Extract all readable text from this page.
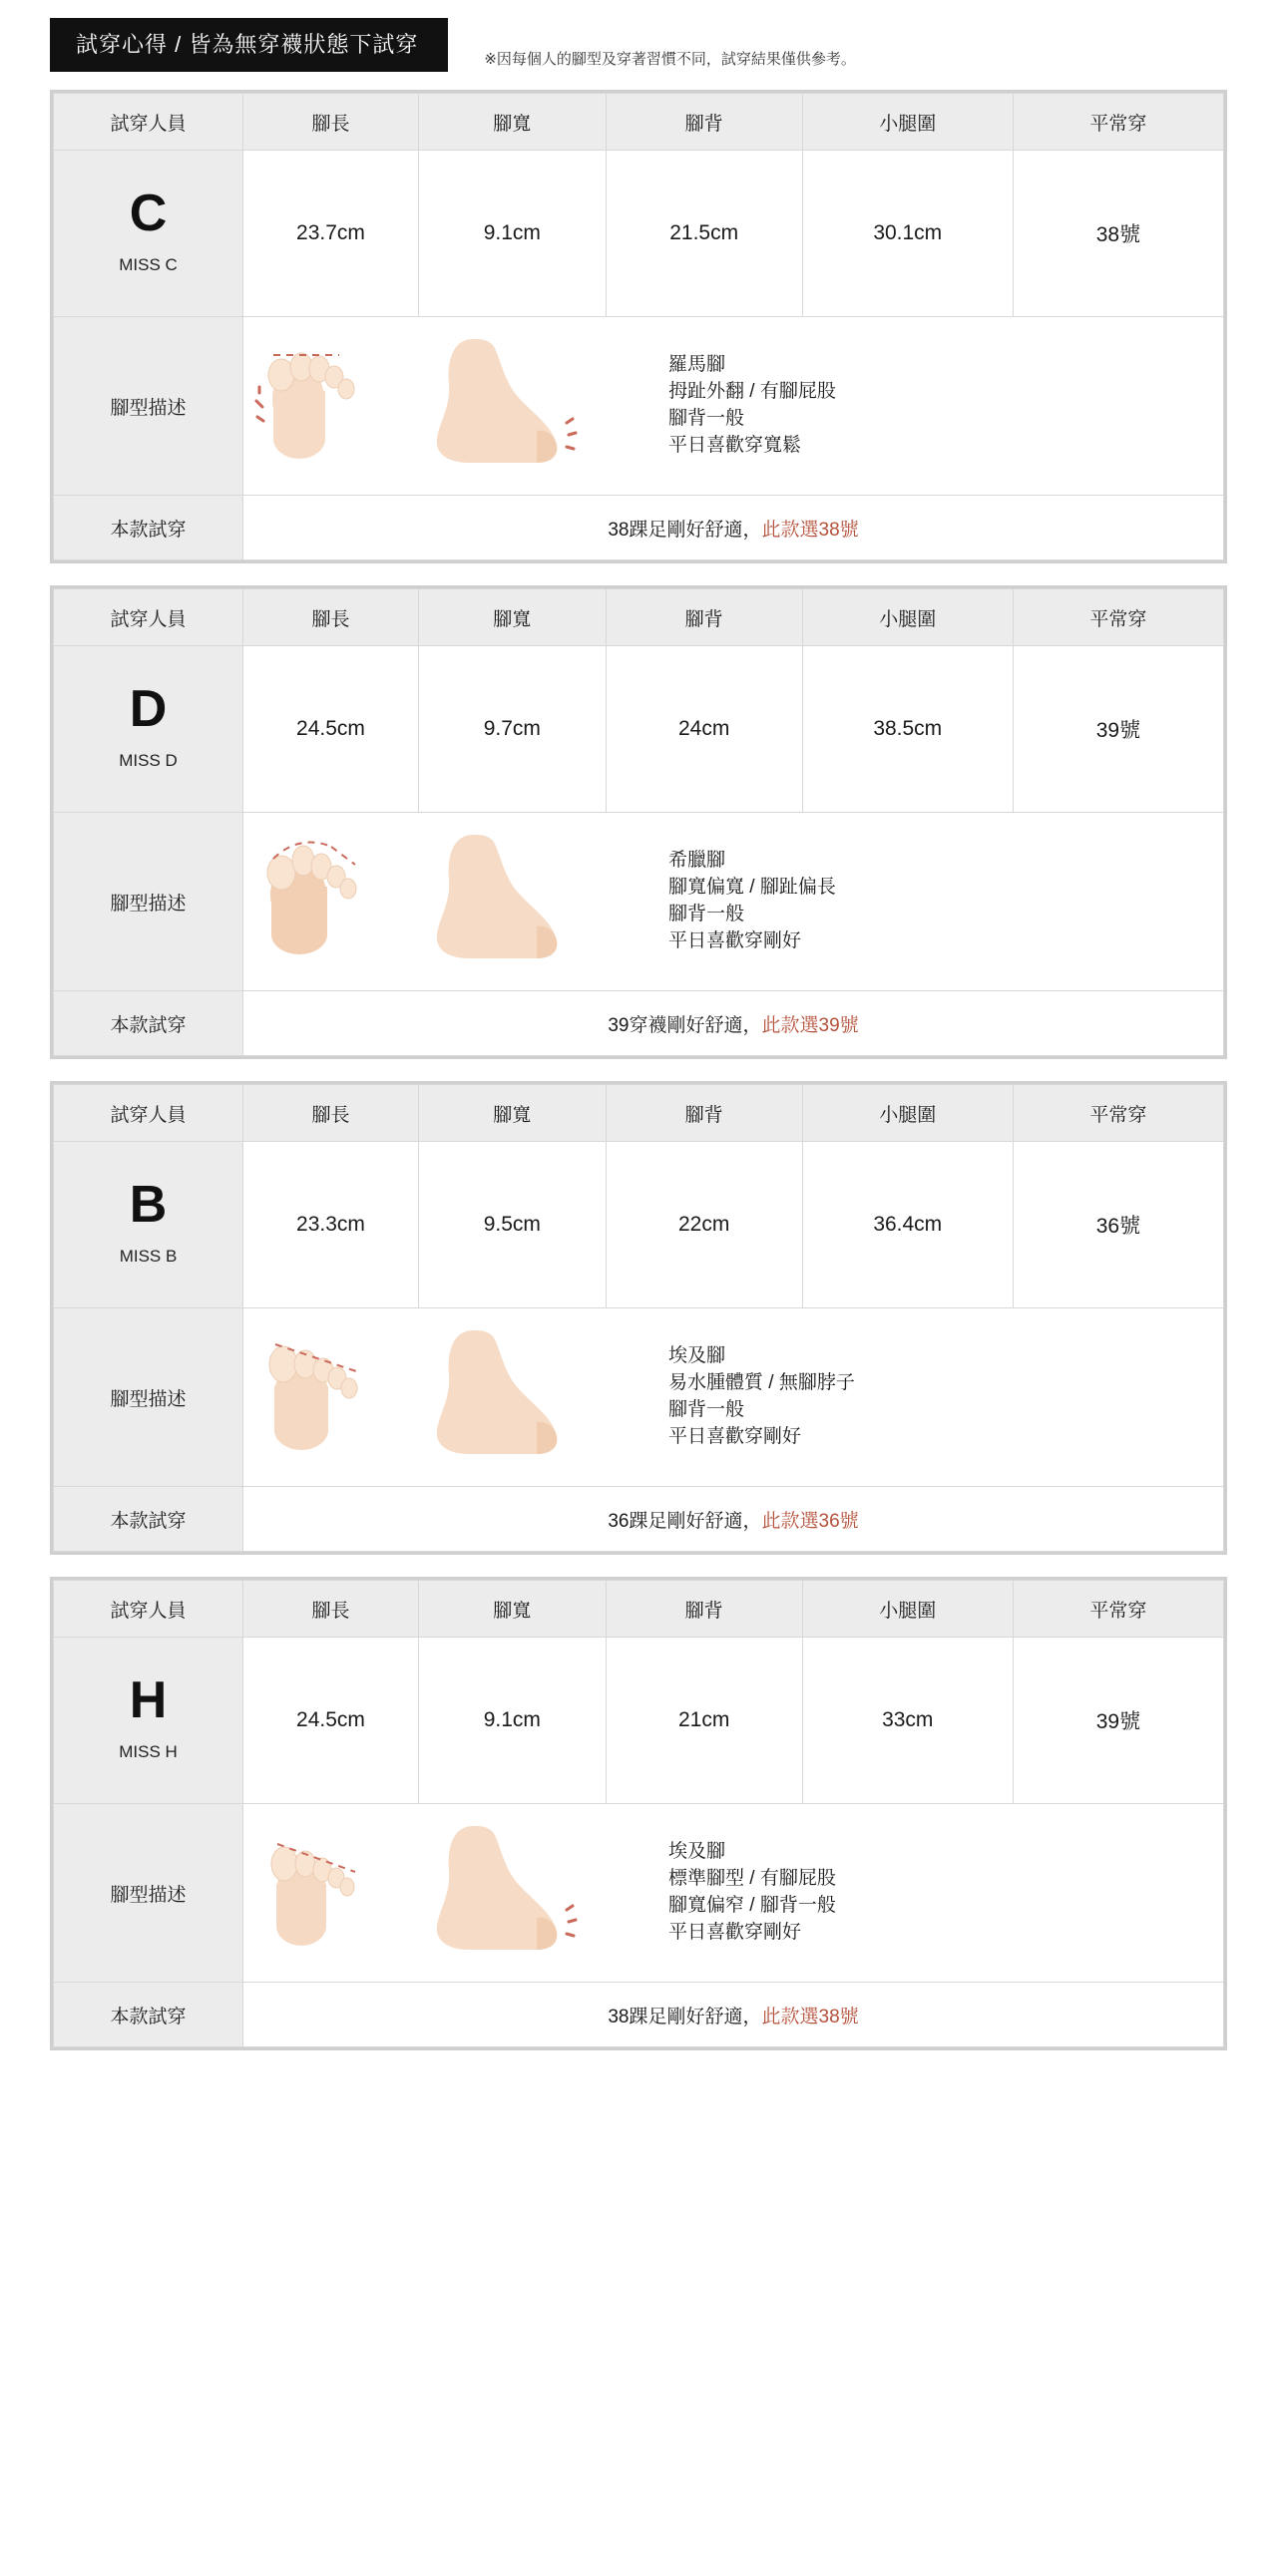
試穿心得 / 皆為無穿襪狀態下試穿
※因每個人的腳型及穿著習慣不同，試穿結果僅供參考。
試穿人員	腳長	腳寬	腳背	小腿圍	平常穿

C
MISS C	23.7cm	9.1cm	21.5cm	30.1cm	38號
腳型描述	羅馬腳
拇趾外翻 / 有腳屁股
腳背一般
平日喜歡穿寬鬆				

本款試穿	38踝足剛好舒適，此款選38號				
試穿人員	腳長	腳寬	腳背	小腿圍	平常穿

D
MISS D	24.5cm	9.7cm	24cm	38.5cm	39號
腳型描述	希臘腳
腳寬偏寬 / 腳趾偏長
腳背一般
平日喜歡穿剛好				

本款試穿	39穿襪剛好舒適，此款選39號				
試穿人員	腳長	腳寬	腳背	小腿圍	平常穿

B
MISS B	23.3cm	9.5cm	22cm	36.4cm	36號
腳型描述	埃及腳
易水腫體質 / 無腳脖子
腳背一般
平日喜歡穿剛好				

本款試穿	36踝足剛好舒適，此款選36號				
試穿人員	腳長	腳寬	腳背	小腿圍	平常穿

H
MISS H	24.5cm	9.1cm	21cm	33cm	39號
腳型描述	埃及腳
標準腳型 / 有腳屁股
腳寬偏窄 / 腳背一般
平日喜歡穿剛好				

本款試穿	38踝足剛好舒適，此款選38號				
